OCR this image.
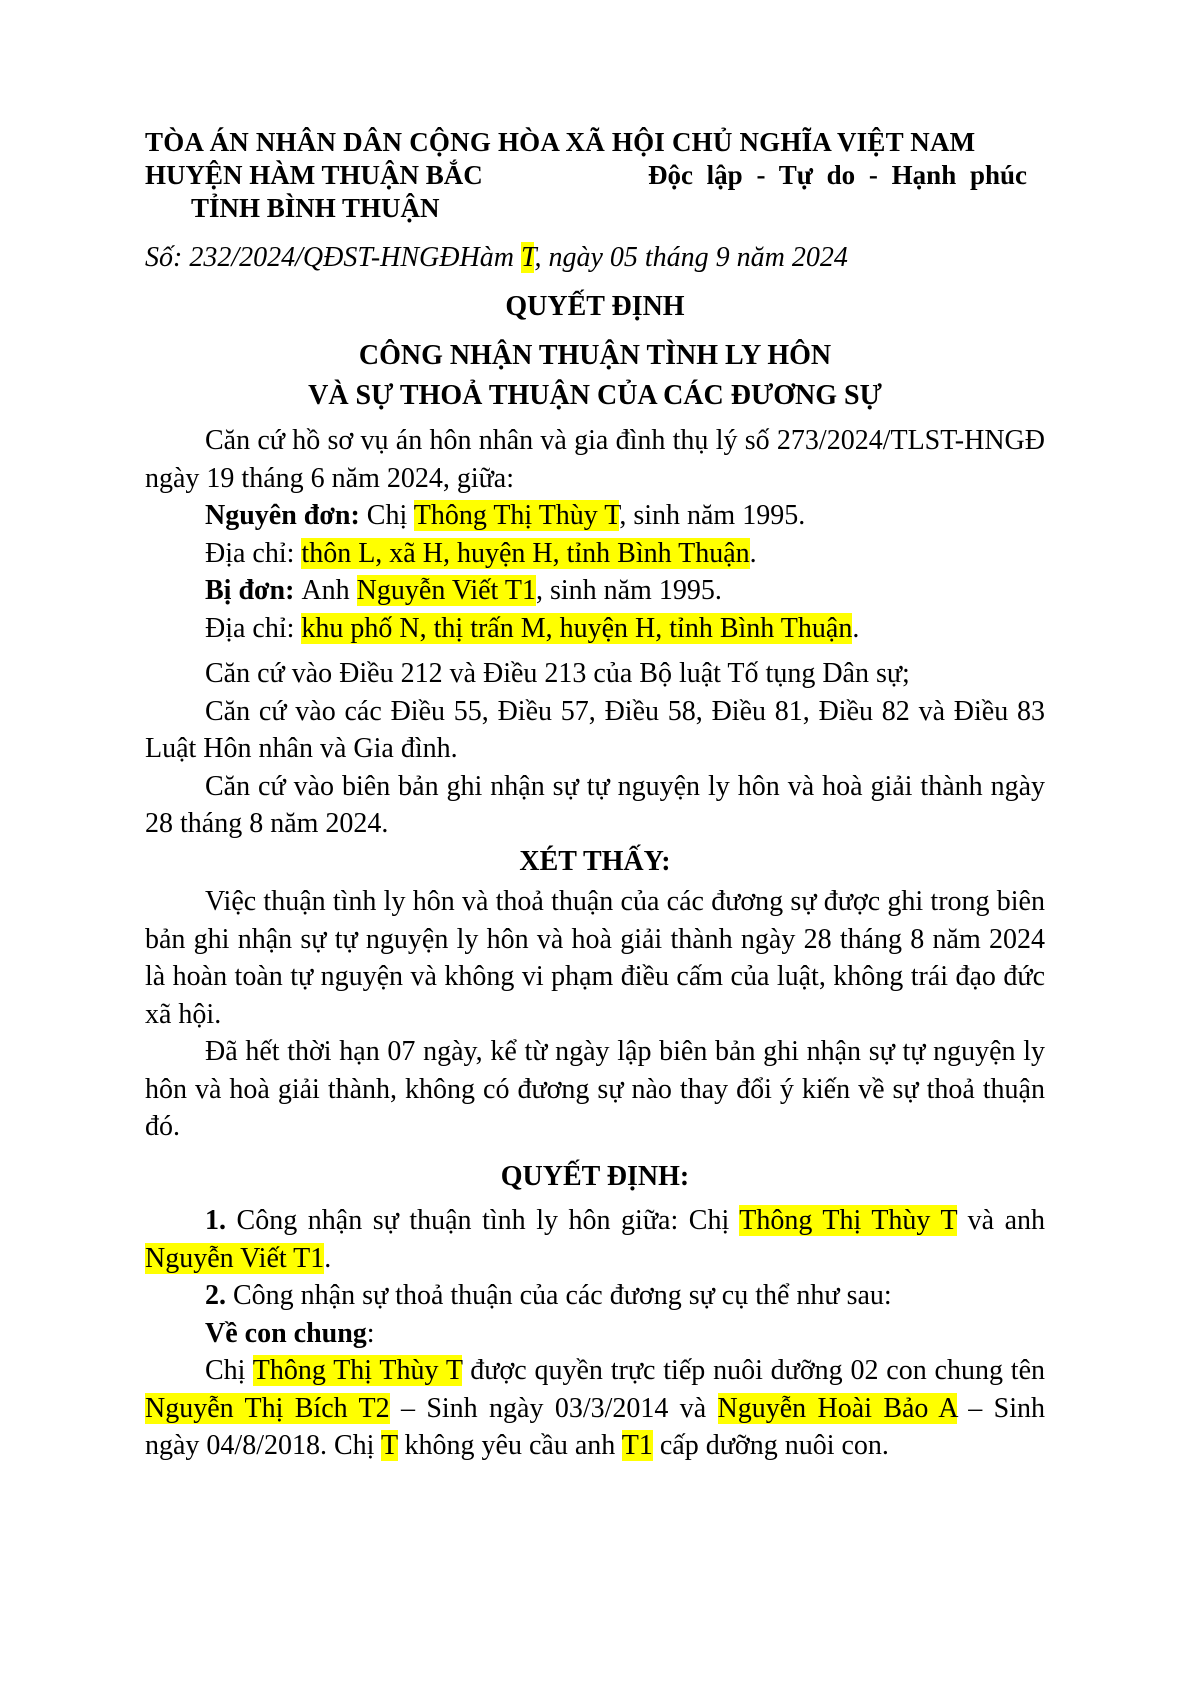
TÒA ÁN NHÂN DÂN CỘNG HÒA XÃ HỘI CHỦ NGHĨA VIỆT NAM
HUYỆN HÀM THUẬN BẮC	Độc lập - Tự do - Hạnh phúc
TỈNH BÌNH THUẬN

Số: 232/2024/QĐST-HNGĐHàm T, ngày 05 tháng 9 năm 2024

QUYẾT ĐỊNH

CÔNG NHẬN THUẬN TÌNH LY HÔN

VÀ SỰ THOẢ THUẬN CỦA CÁC ĐƯƠNG SỰ

Căn cứ hồ sơ vụ án hôn nhân và gia đình thụ lý số 273/2024/TLST-HNGĐ ngày 19 tháng 6 năm 2024, giữa:

Nguyên đơn: Chị Thông Thị Thùy T, sinh năm 1995.

Địa chỉ: thôn L, xã H, huyện H, tỉnh Bình Thuận.

Bị đơn: Anh Nguyễn Viết T1, sinh năm 1995.

Địa chỉ: khu phố N, thị trấn M, huyện H, tỉnh Bình Thuận.

Căn cứ vào Điều 212 và Điều 213 của Bộ luật Tố tụng Dân sự;

Căn cứ vào các Điều 55, Điều 57, Điều 58, Điều 81, Điều 82 và Điều 83 Luật Hôn nhân và Gia đình.

Căn cứ vào biên bản ghi nhận sự tự nguyện ly hôn và hoà giải thành ngày 28 tháng 8 năm 2024.

XÉT THẤY:

Việc thuận tình ly hôn và thoả thuận của các đương sự được ghi trong biên bản ghi nhận sự tự nguyện ly hôn và hoà giải thành ngày 28 tháng 8 năm 2024 là hoàn toàn tự nguyện và không vi phạm điều cấm của luật, không trái đạo đức xã hội.

Đã hết thời hạn 07 ngày, kể từ ngày lập biên bản ghi nhận sự tự nguyện ly hôn và hoà giải thành, không có đương sự nào thay đổi ý kiến về sự thoả thuận đó.

QUYẾT ĐỊNH:

1. Công nhận sự thuận tình ly hôn giữa: Chị Thông Thị Thùy T và anh Nguyễn Viết T1.

2. Công nhận sự thoả thuận của các đương sự cụ thể như sau:

Về con chung:

Chị Thông Thị Thùy T được quyền trực tiếp nuôi dưỡng 02 con chung tên Nguyễn Thị Bích T2 – Sinh ngày 03/3/2014 và Nguyễn Hoài Bảo A – Sinh ngày 04/8/2018. Chị T không yêu cầu anh T1 cấp dưỡng nuôi con.
